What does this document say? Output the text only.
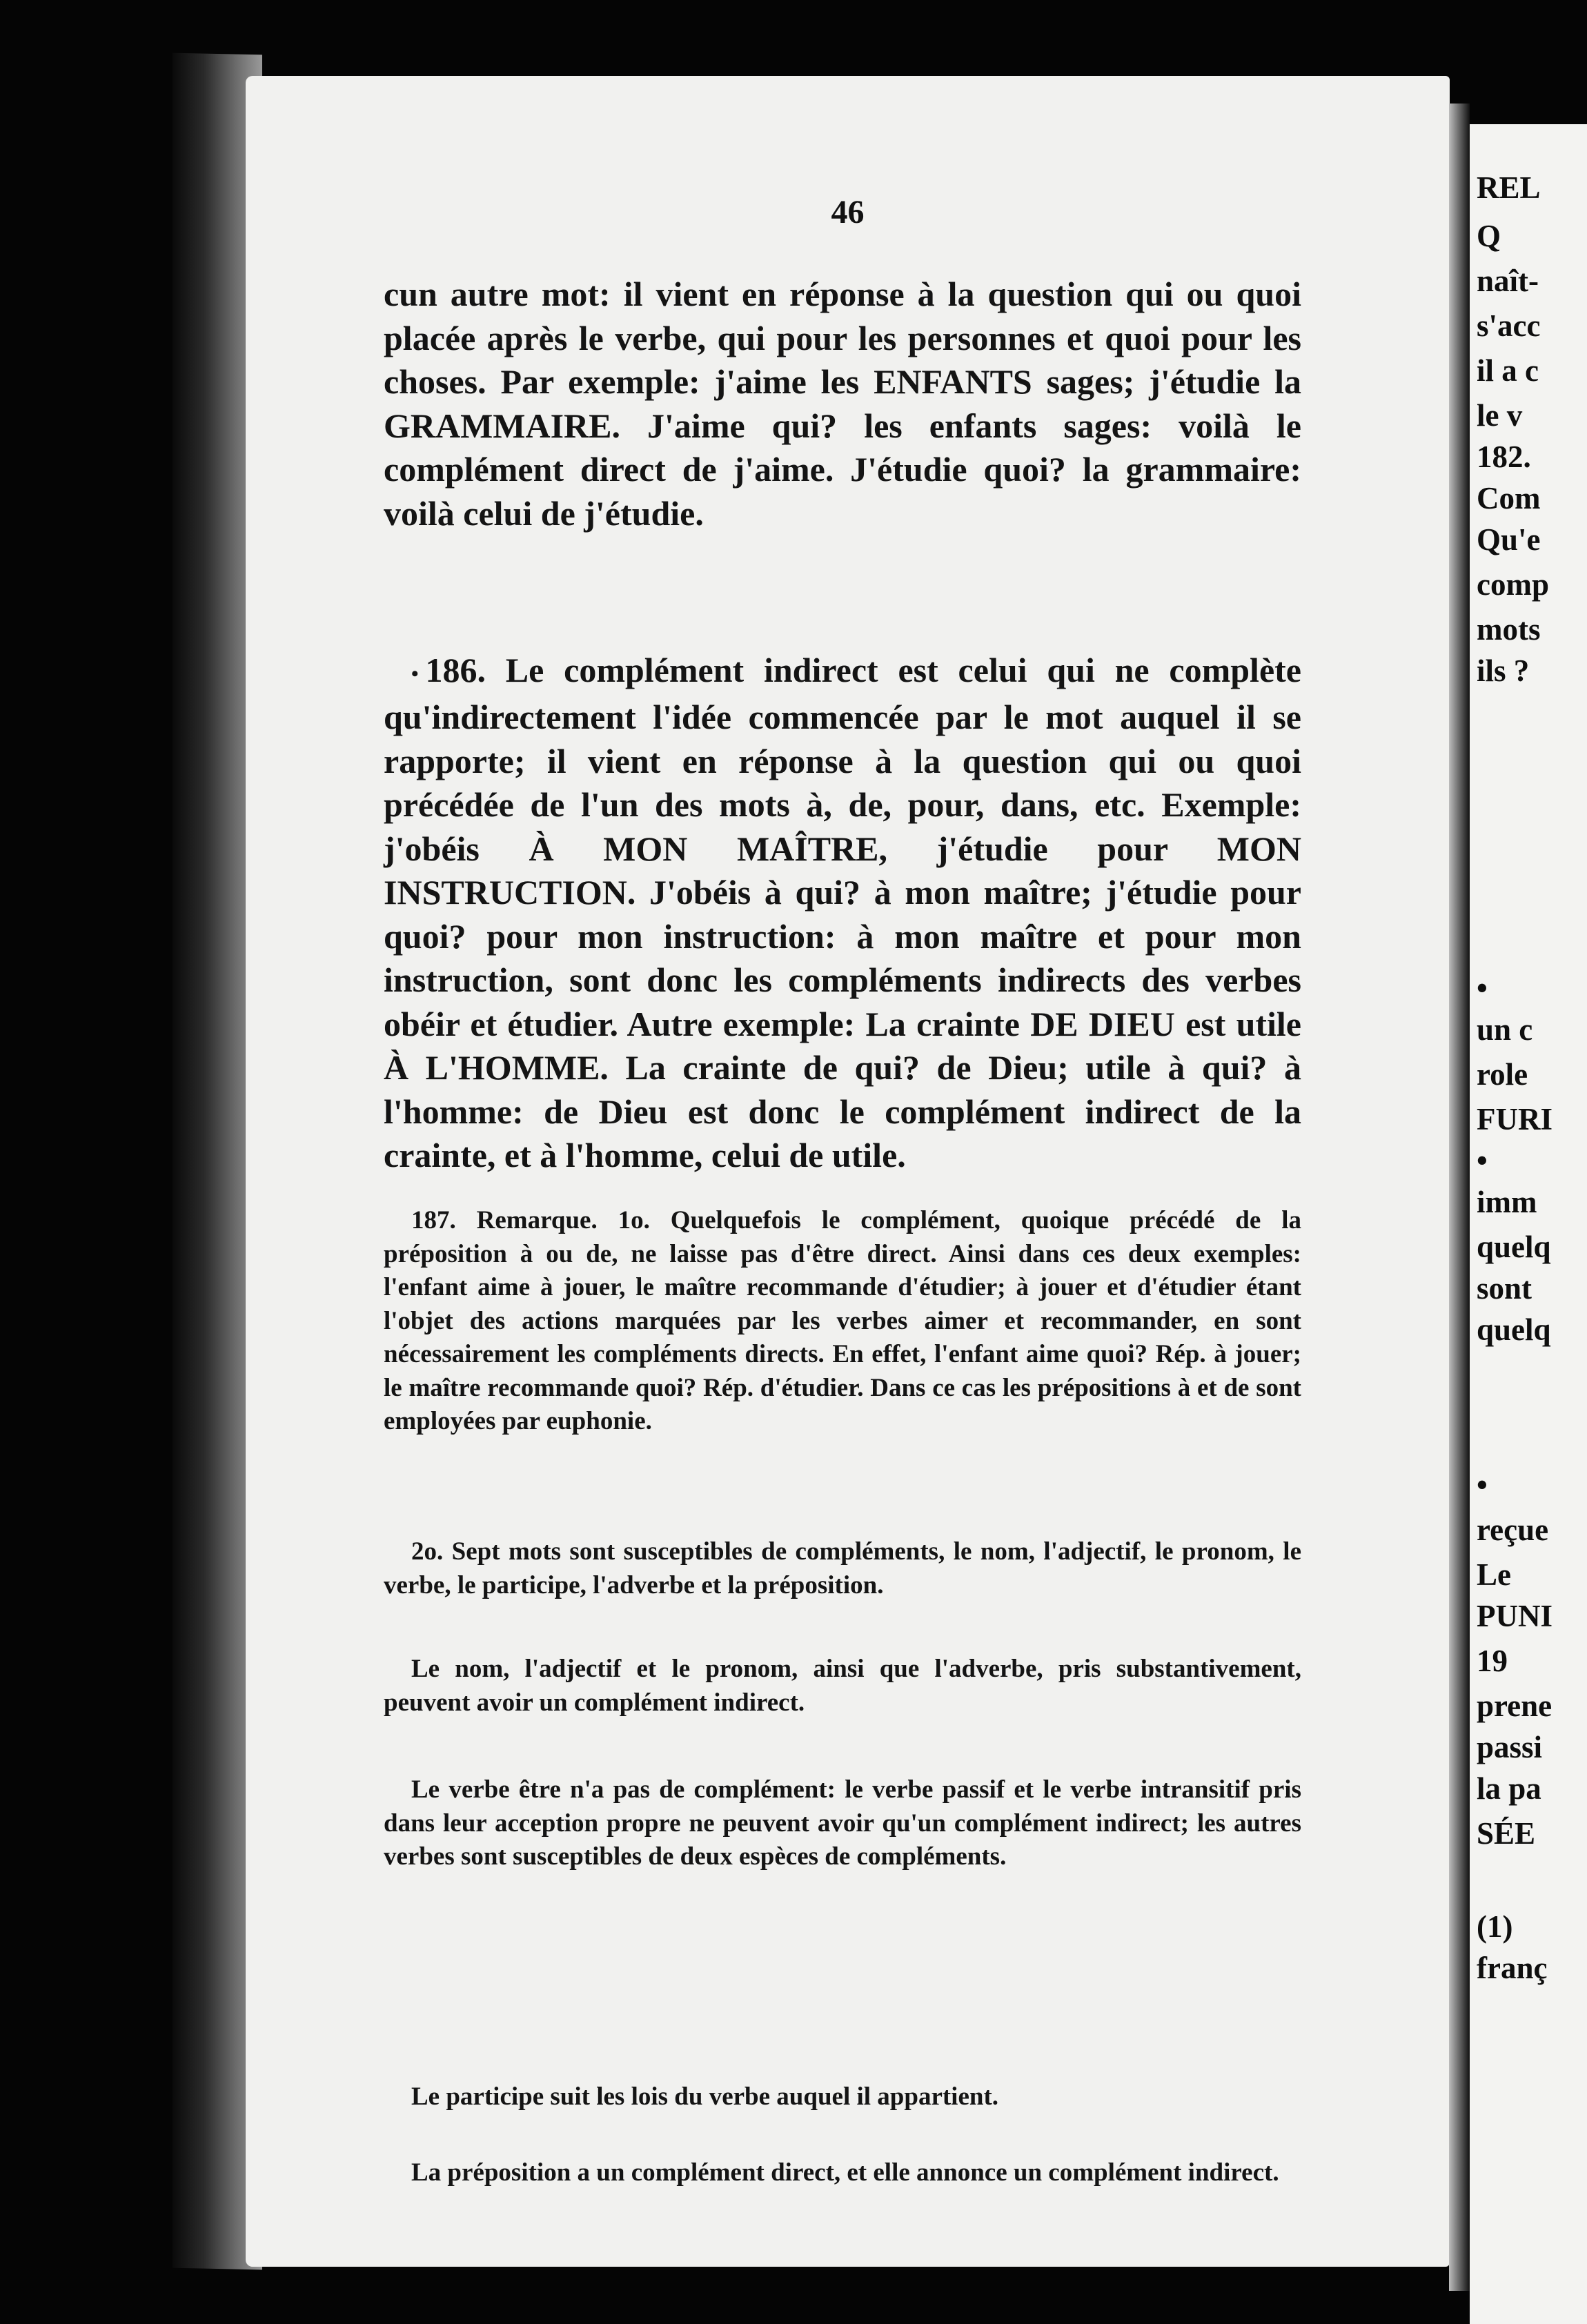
46

cun autre mot: il vient en réponse à la question qui ou quoi placée après le verbe, qui pour les personnes et quoi pour les choses. Par exemple: j'aime les ENFANTS sages; j'étudie la GRAMMAIRE. J'aime qui? les enfants sages: voilà le complément direct de j'aime. J'étudie quoi? la grammaire: voilà celui de j'étudie.

• 186. Le complément indirect est celui qui ne complète qu'indirectement l'idée commencée par le mot auquel il se rapporte; il vient en réponse à la question qui ou quoi précédée de l'un des mots à, de, pour, dans, etc. Exemple: j'obéis À MON MAÎTRE, j'étudie pour MON INSTRUCTION. J'obéis à qui? à mon maître; j'étudie pour quoi? pour mon instruction: à mon maître et pour mon instruction, sont donc les compléments indirects des verbes obéir et étudier. Autre exemple: La crainte DE DIEU est utile À L'HOMME. La crainte de qui? de Dieu; utile à qui? à l'homme: de Dieu est donc le complément indirect de la crainte, et à l'homme, celui de utile.

187. Remarque. 1o. Quelquefois le complément, quoique précédé de la préposition à ou de, ne laisse pas d'être direct. Ainsi dans ces deux exemples: l'enfant aime à jouer, le maître recommande d'étudier; à jouer et d'étudier étant l'objet des actions marquées par les verbes aimer et recommander, en sont nécessairement les compléments directs. En effet, l'enfant aime quoi? Rép. à jouer; le maître recommande quoi? Rép. d'étudier. Dans ce cas les prépositions à et de sont employées par euphonie.

2o. Sept mots sont susceptibles de compléments, le nom, l'adjectif, le pronom, le verbe, le participe, l'adverbe et la préposition.

Le nom, l'adjectif et le pronom, ainsi que l'adverbe, pris substantivement, peuvent avoir un complément indirect.

Le verbe être n'a pas de complément: le verbe passif et le verbe intransitif pris dans leur acception propre ne peuvent avoir qu'un complément indirect; les autres verbes sont susceptibles de deux espèces de compléments.

Le participe suit les lois du verbe auquel il appartient.

La préposition a un complément direct, et elle annonce un complément indirect.

REL
Q
naît-
s'acc
il a c
le v
182.
Com
Qu'e
comp
mots
ils ?
•
un c
role
FURI
•
imm
quelq
sont
quelq
•
reçue
Le
PUNI
19
prene
passi
la pa
SÉE
(1)
franç
